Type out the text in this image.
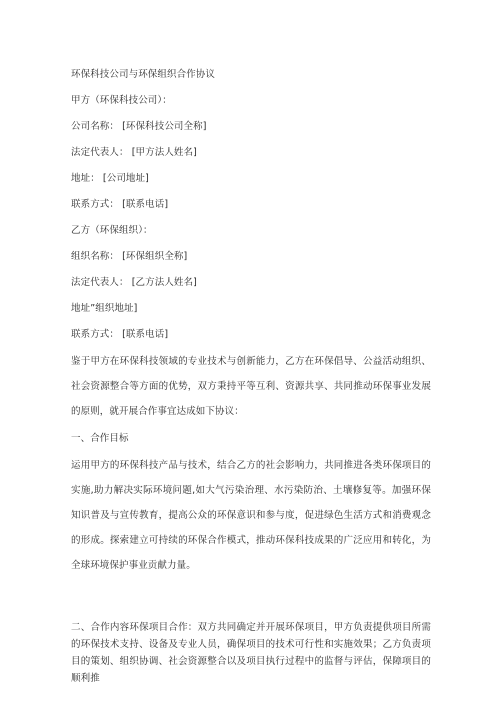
环保科技公司与环保组织合作协议
甲方（环保科技公司）：
公司名称： [环保科技公司全称]
法定代表人： [甲方法人姓名]
地址： [公司地址]
联系方式： [联系电话]
乙方（环保组织）：
组织名称： [环保组织全称]
法定代表人： [乙方法人姓名]
地址”组织地址]
联系方式： [联系电话]
鉴于甲方在环保科技领域的专业技术与创新能力，乙方在环保倡导、公益活动组织、社会资源整合等方面的优势，双方秉持平等互利、资源共享、共同推动环保事业发展的原则，就开展合作事宜达成如下协议：
一、合作目标
运用甲方的环保科技产品与技术，结合乙方的社会影响力，共同推进各类环保项目的实施,助力解决实际环境问题,如大气污染治理、水污染防治、土壤修复等。加强环保知识普及与宣传教育，提高公众的环保意识和参与度，促进绿色生活方式和消费观念的形成。探索建立可持续的环保合作模式，推动环保科技成果的广泛应用和转化，为全球环境保护事业贡献力量。
二、合作内容环保项目合作：双方共同确定并开展环保项目，甲方负责提供项目所需的环保技术支持、设备及专业人员，确保项目的技术可行性和实施效果；乙方负责项目的策划、组织协调、社会资源整合以及项目执行过程中的监督与评估，保障项目的顺利推
